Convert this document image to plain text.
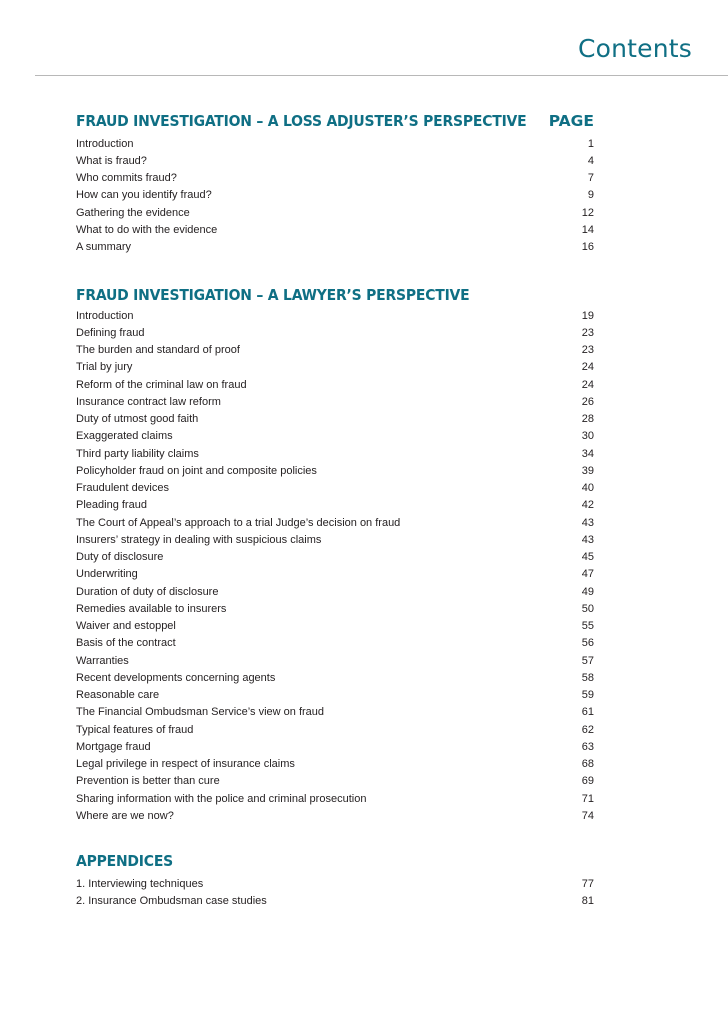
Contents
FRAUD INVESTIGATION – A LOSS ADJUSTER’S PERSPECTIVE PAGE
Introduction	1
What is fraud?	4
Who commits fraud?	7
How can you identify fraud?	9
Gathering the evidence	12
What to do with the evidence	14
A summary	16
FRAUD INVESTIGATION – A LAWYER’S PERSPECTIVE
Introduction	19
Defining fraud	23
The burden and standard of proof	23
Trial by jury	24
Reform of the criminal law on fraud	24
Insurance contract law reform	26
Duty of utmost good faith	28
Exaggerated claims	30
Third party liability claims	34
Policyholder fraud on joint and composite policies	39
Fraudulent devices	40
Pleading fraud	42
The Court of Appeal’s approach to a trial Judge’s decision on fraud	43
Insurers’ strategy in dealing with suspicious claims	43
Duty of disclosure	45
Underwriting	47
Duration of duty of disclosure	49
Remedies available to insurers	50
Waiver and estoppel	55
Basis of the contract	56
Warranties	57
Recent developments concerning agents	58
Reasonable care	59
The Financial Ombudsman Service’s view on fraud	61
Typical features of fraud	62
Mortgage fraud	63
Legal privilege in respect of insurance claims	68
Prevention is better than cure	69
Sharing information with the police and criminal prosecution	71
Where are we now?	74
APPENDICES
1. Interviewing techniques	77
2. Insurance Ombudsman case studies	81
